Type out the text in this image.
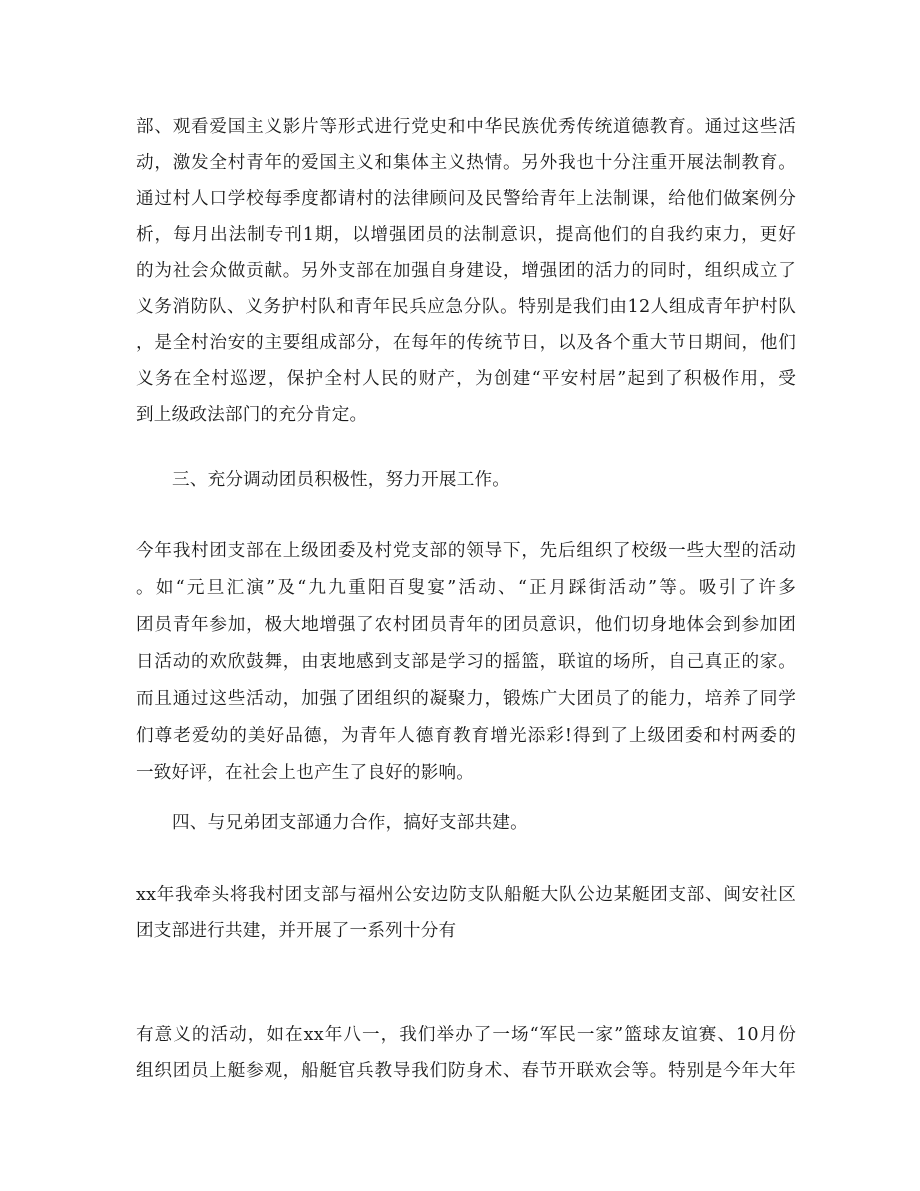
部、观看爱国主义影片等形式进行党史和中华民族优秀传统道德教育。通过这些活
动，激发全村青年的爱国主义和集体主义热情。另外我也十分注重开展法制教育。
通过村人口学校每季度都请村的法律顾问及民警给青年上法制课，给他们做案例分
析，每月出法制专刊1期，以增强团员的法制意识，提高他们的自我约束力，更好
的为社会众做贡献。另外支部在加强自身建设，增强团的活力的同时，组织成立了
义务消防队、义务护村队和青年民兵应急分队。特别是我们由12人组成青年护村队
，是全村治安的主要组成部分，在每年的传统节日，以及各个重大节日期间，他们
义务在全村巡逻，保护全村人民的财产，为创建“平安村居”起到了积极作用，受
到上级政法部门的充分肯定。
三、充分调动团员积极性，努力开展工作。
今年我村团支部在上级团委及村党支部的领导下，先后组织了校级一些大型的活动
。如“元旦汇演”及“九九重阳百叟宴”活动、“正月踩街活动”等。吸引了许多
团员青年参加，极大地增强了农村团员青年的团员意识，他们切身地体会到参加团
日活动的欢欣鼓舞，由衷地感到支部是学习的摇篮，联谊的场所，自己真正的家。
而且通过这些活动，加强了团组织的凝聚力，锻炼广大团员了的能力，培养了同学
们尊老爱幼的美好品德，为青年人德育教育增光添彩!得到了上级团委和村两委的
一致好评，在社会上也产生了良好的影响。
四、与兄弟团支部通力合作，搞好支部共建。
xx年我牵头将我村团支部与福州公安边防支队船艇大队公边某艇团支部、闽安社区
团支部进行共建，并开展了一系列十分有
有意义的活动，如在xx年八一，我们举办了一场“军民一家”篮球友谊赛、10月份
组织团员上艇参观，船艇官兵教导我们防身术、春节开联欢会等。特别是今年大年
